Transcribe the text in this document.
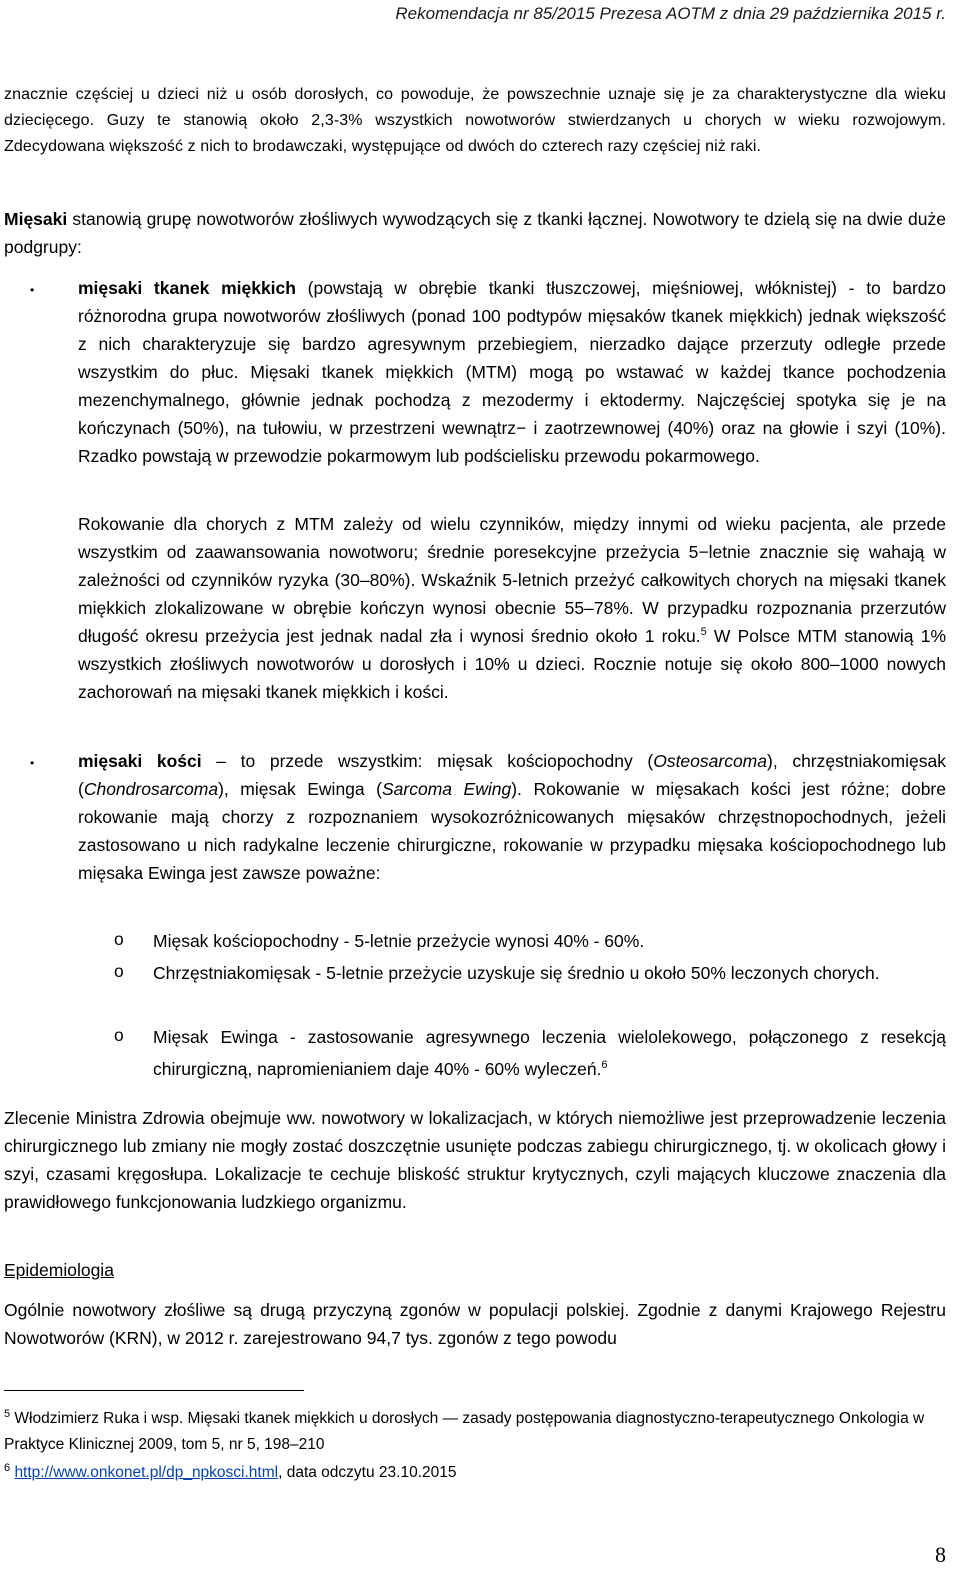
Rekomendacja nr 85/2015 Prezesa AOTM z dnia 29 października 2015 r.
znacznie częściej u dzieci niż u osób dorosłych, co powoduje, że powszechnie uznaje się je za charakterystyczne dla wieku dziecięcego. Guzy te stanowią około 2,3-3% wszystkich nowotworów stwierdzanych u chorych w wieku rozwojowym. Zdecydowana większość z nich to brodawczaki, występujące od dwóch do czterech razy częściej niż raki.
Mięsaki stanowią grupę nowotworów złośliwych wywodzących się z tkanki łącznej. Nowotwory te dzielą się na dwie duże podgrupy:
•	mięsaki tkanek miękkich (powstają w obrębie tkanki tłuszczowej, mięśniowej, włóknistej) - to bardzo różnorodna grupa nowotworów złośliwych (ponad 100 podtypów mięsaków tkanek miękkich) jednak większość z nich charakteryzuje się bardzo agresywnym przebiegiem, nierzadko dające przerzuty odległe przede wszystkim do płuc. Mięsaki tkanek miękkich (MTM) mogą po wstawać w każdej tkance pochodzenia mezenchymalnego, głównie jednak pochodzą z mezodermy i ektodermy. Najczęściej spotyka się je na kończynach (50%), na tułowiu, w przestrzeni wewnątrz− i zaotrzewnowej (40%) oraz na głowie i szyi (10%). Rzadko powstają w przewodzie pokarmowym lub podścielisku przewodu pokarmowego.
Rokowanie dla chorych z MTM zależy od wielu czynników, między innymi od wieku pacjenta, ale przede wszystkim od zaawansowania nowotworu; średnie poresekcyjne przeżycia 5−letnie znacznie się wahają w zależności od czynników ryzyka (30–80%). Wskaźnik 5-letnich przeżyć całkowitych chorych na mięsaki tkanek miękkich zlokalizowane w obrębie kończyn wynosi obecnie 55–78%. W przypadku rozpoznania przerzutów długość okresu przeżycia jest jednak nadal zła i wynosi średnio około 1 roku.$^5$ W Polsce MTM stanowią 1% wszystkich złośliwych nowotworów u dorosłych i 10% u dzieci. Rocznie notuje się około 800–1000 nowych zachorowań na mięsaki tkanek miękkich i kości.
•	mięsaki kości – to przede wszystkim: mięsak kościopochodny (Osteosarcoma), chrzęstniakomięsak (Chondrosarcoma), mięsak Ewinga (Sarcoma Ewing). Rokowanie w mięsakach kości jest różne; dobre rokowanie mają chorzy z rozpoznaniem wysokozróżnicowanych mięsaków chrzęstnopochodnych, jeżeli zastosowano u nich radykalne leczenie chirurgiczne, rokowanie w przypadku mięsaka kościopochodnego lub mięsaka Ewinga jest zawsze poważne:
o Mięsak kościopochodny - 5-letnie przeżycie wynosi 40% - 60%.
o Chrzęstniakomięsak - 5-letnie przeżycie uzyskuje się średnio u około 50% leczonych chorych.
o Mięsak Ewinga - zastosowanie agresywnego leczenia wielolekowego, połączonego z resekcją chirurgiczną, napromienianiem daje 40% - 60% wyleczeń.$^6$
Zlecenie Ministra Zdrowia obejmuje ww. nowotwory w lokalizacjach, w których niemożliwe jest przeprowadzenie leczenia chirurgicznego lub zmiany nie mogły zostać doszczętnie usunięte podczas zabiegu chirurgicznego, tj. w okolicach głowy i szyi, czasami kręgosłupa. Lokalizacje te cechuje bliskość struktur krytycznych, czyli mających kluczowe znaczenia dla prawidłowego funkcjonowania ludzkiego organizmu.
Epidemiologia
Ogólnie nowotwory złośliwe są drugą przyczyną zgonów w populacji polskiej. Zgodnie z danymi Krajowego Rejestru Nowotworów (KRN), w 2012 r. zarejestrowano 94,7 tys. zgonów z tego powodu
$^5$ Włodzimierz Ruka i wsp. Mięsaki tkanek miękkich u dorosłych — zasady postępowania diagnostyczno-terapeutycznego Onkologia w Praktyce Klinicznej 2009, tom 5, nr 5, 198–210
$^6$ http://www.onkonet.pl/dp_npkosci.html, data odczytu 23.10.2015
8
